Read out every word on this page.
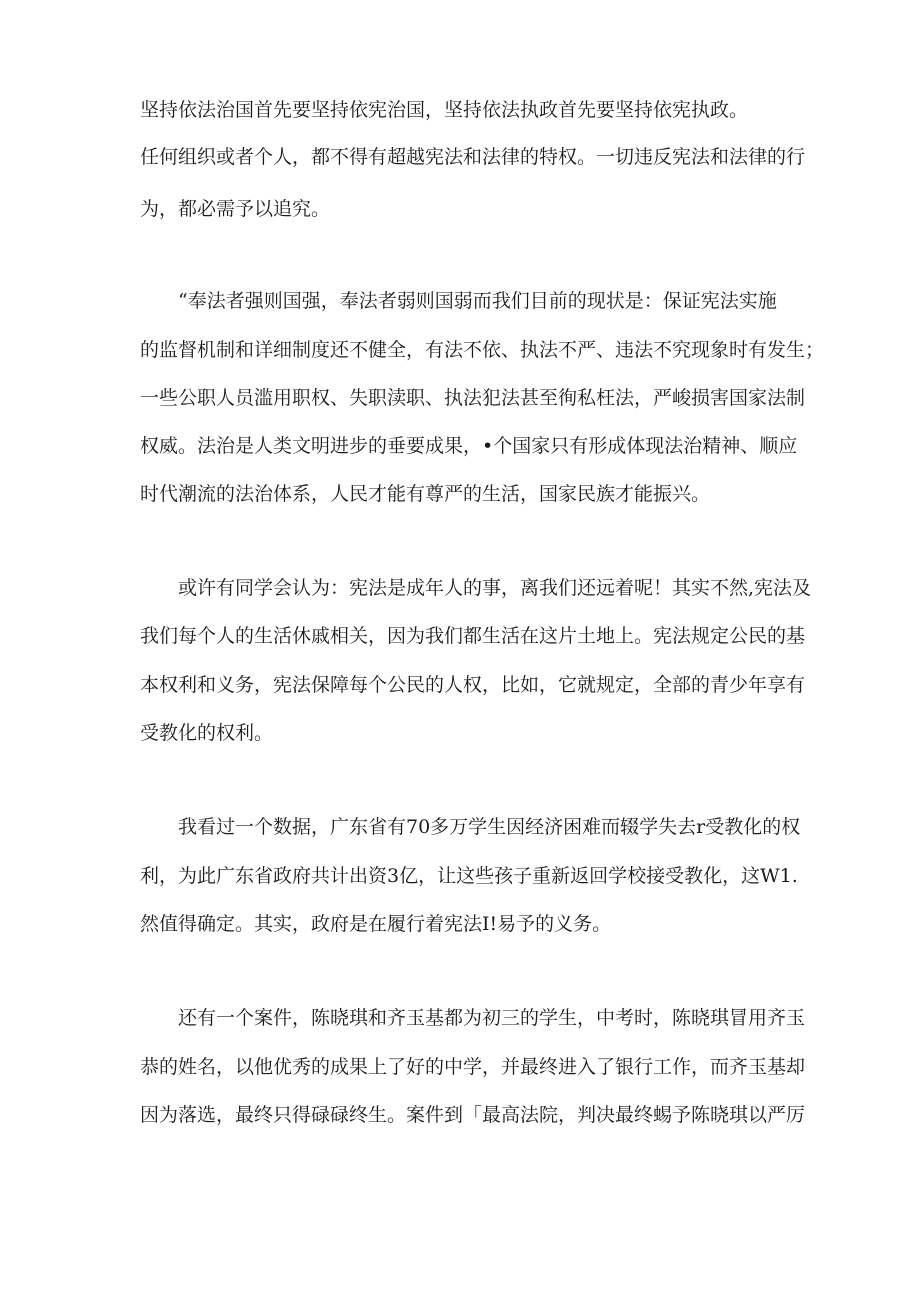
坚持依法治国首先要坚持依宪治国，坚持依法执政首先要坚持依宪执政。

任何组织或者个人，都不得有超越宪法和法律的特权。一切违反宪法和法律的行

为，都必需予以追究。

“奉法者强则国强，奉法者弱则国弱而我们目前的现状是：保证宪法实施

的监督机制和详细制度还不健全，有法不依、执法不严、违法不究现象时有发生；

一些公职人员滥用职权、失职渎职、执法犯法甚至徇私枉法，严峻损害国家法制

权威。法治是人类文明进步的垂要成果，•个国家只有形成体现法治精神、顺应

时代潮流的法治体系，人民才能有尊严的生活，国家民族才能振兴。

或许有同学会认为：宪法是成年人的事，离我们还远着呢！其实不然,宪法及

我们每个人的生活休戚相关，因为我们都生活在这片土地上。宪法规定公民的基

本权利和义务，宪法保障每个公民的人权，比如，它就规定，全部的青少年享有

受教化的权利。

我看过一个数据，广东省有70多万学生因经济困难而辍学失去r受教化的权

利，为此广东省政府共计出资3亿，让这些孩子重新返回学校接受教化，这W1.

然值得确定。其实，政府是在履行着宪法I!易予的义务。

还有一个案件，陈晓琪和齐玉基都为初三的学生，中考时，陈晓琪冒用齐玉

恭的姓名，以他优秀的成果上了好的中学，并最终进入了银行工作，而齐玉基却

因为落选，最终只得碌碌终生。案件到「最高法院，判决最终蜴予陈晓琪以严厉
